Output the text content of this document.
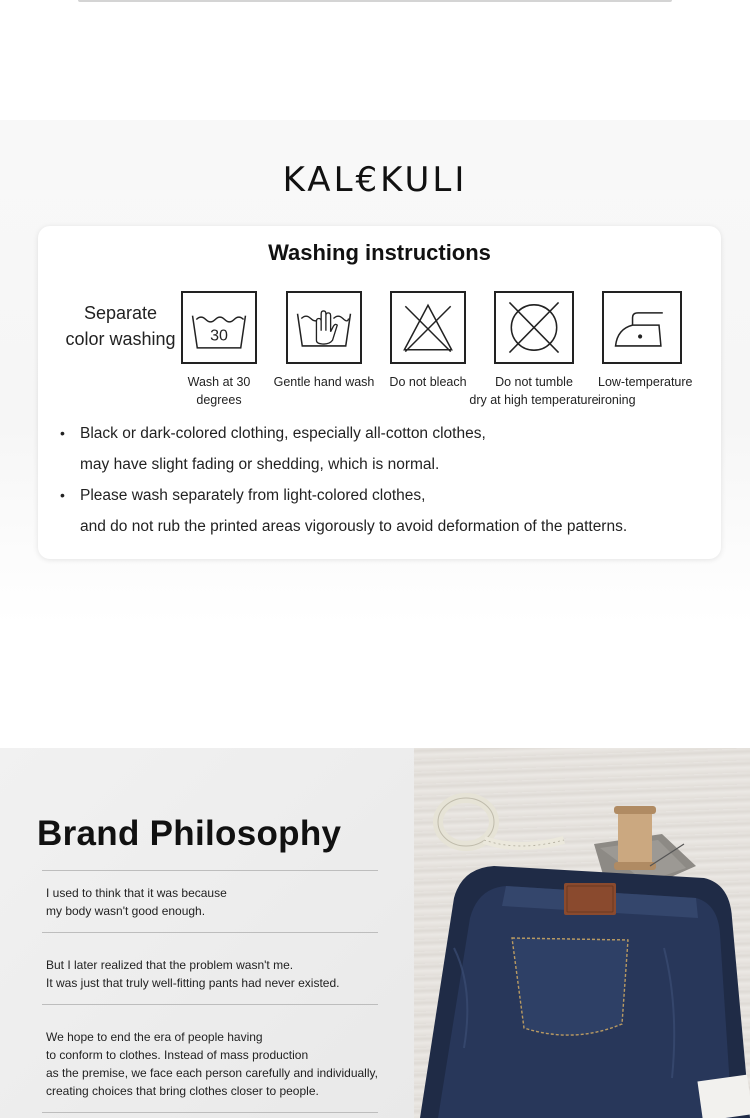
KAL€KULI
Washing instructions
Separate
color washing	30
Wash at 30
degrees
Gentle hand wash	Do not bleach	Do not tumble
dry at high temperature
Low-temperature
ironing
• Black or dark-colored clothing, especially all-cotton clothes,
may have slight fading or shedding, which is normal.
• Please wash separately from light-colored clothes,
and do not rub the printed areas vigorously to avoid deformation of the patterns.
Brand Philosophy
I used to think that it was because
my body wasn't good enough.
But I later realized that the problem wasn't me.
It was just that truly well-fitting pants had never existed.
We hope to end the era of people having
to conform to clothes. Instead of mass production
as the premise, we face each person carefully and individually,
creating choices that bring clothes closer to people.
